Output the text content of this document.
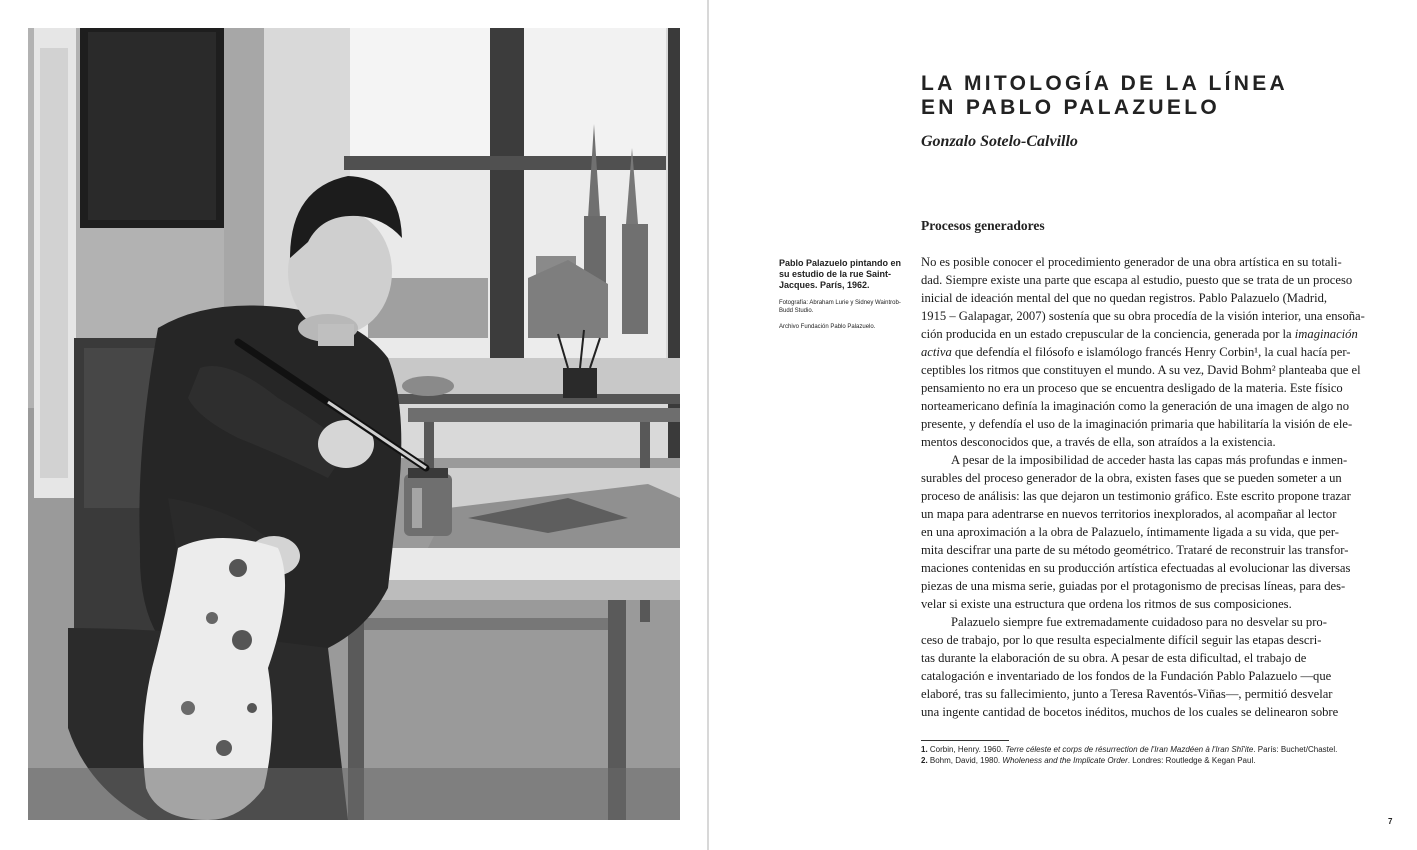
LA MITOLOGÍA DE LA LÍNEA
EN PABLO PALAZUELO
Gonzalo Sotelo-Calvillo
Procesos generadores

Pablo Palazuelo pintando en su estudio de la rue Saint-Jacques. París, 1962.

Fotografía: Abraham Lurie y Sidney Waintrob-Budd Studio.

Archivo Fundación Pablo Palazuelo.

No es posible conocer el procedimiento generador de una obra artística en su totali-
dad. Siempre existe una parte que escapa al estudio, puesto que se trata de un proceso
inicial de ideación mental del que no quedan registros. Pablo Palazuelo (Madrid,
1915 – Galapagar, 2007) sostenía que su obra procedía de la visión interior, una ensoña-
ción producida en un estado crepuscular de la conciencia, generada por la imaginación
activa que defendía el filósofo e islamólogo francés Henry Corbin¹, la cual hacía per-
ceptibles los ritmos que constituyen el mundo. A su vez, David Bohm² planteaba que el
pensamiento no era un proceso que se encuentra desligado de la materia. Este físico
norteamericano definía la imaginación como la generación de una imagen de algo no
presente, y defendía el uso de la imaginación primaria que habilitaría la visión de ele-
mentos desconocidos que, a través de ella, son atraídos a la existencia.
A pesar de la imposibilidad de acceder hasta las capas más profundas e inmen-
surables del proceso generador de la obra, existen fases que se pueden someter a un
proceso de análisis: las que dejaron un testimonio gráfico. Este escrito propone trazar
un mapa para adentrarse en nuevos territorios inexplorados, al acompañar al lector
en una aproximación a la obra de Palazuelo, íntimamente ligada a su vida, que per-
mita descifrar una parte de su método geométrico. Trataré de reconstruir las transfor-
maciones contenidas en su producción artística efectuadas al evolucionar las diversas
piezas de una misma serie, guiadas por el protagonismo de precisas líneas, para des-
velar si existe una estructura que ordena los ritmos de sus composiciones.
Palazuelo siempre fue extremadamente cuidadoso para no desvelar su pro-
ceso de trabajo, por lo que resulta especialmente difícil seguir las etapas descri-
tas durante la elaboración de su obra. A pesar de esta dificultad, el trabajo de
catalogación e inventariado de los fondos de la Fundación Pablo Palazuelo —que
elaboré, tras su fallecimiento, junto a Teresa Raventós-Viñas—, permitió desvelar
una ingente cantidad de bocetos inéditos, muchos de los cuales se delinearon sobre

1. Corbin, Henry. 1960. Terre céleste et corps de résurrection de l'Iran Mazdéen à l'Iran Shî'ite. París: Buchet/Chastel.

2. Bohm, David, 1980. Wholeness and the Implicate Order. Londres: Routledge & Kegan Paul.

7
